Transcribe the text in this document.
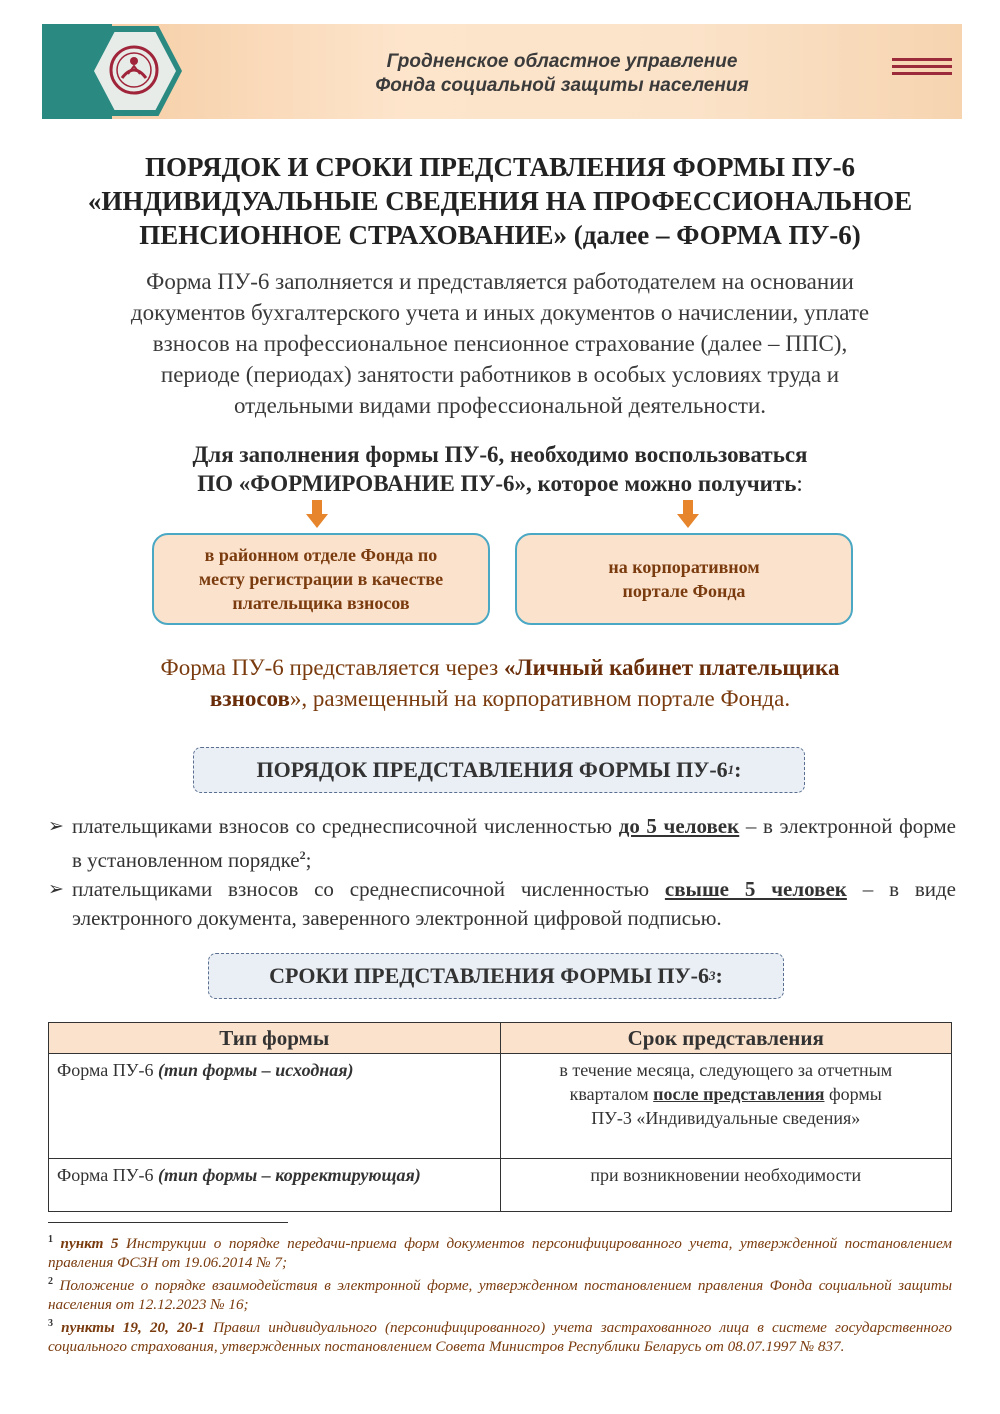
Гродненское областное управление
Фонда социальной защиты населения
ПОРЯДОК И СРОКИ ПРЕДСТАВЛЕНИЯ ФОРМЫ ПУ-6
«ИНДИВИДУАЛЬНЫЕ СВЕДЕНИЯ НА ПРОФЕССИОНАЛЬНОЕ
ПЕНСИОННОЕ СТРАХОВАНИЕ» (далее – ФОРМА ПУ-6)
Форма ПУ-6 заполняется и представляется работодателем на основании
документов бухгалтерского учета и иных документов о начислении, уплате
взносов на профессиональное пенсионное страхование (далее – ППС),
периоде (периодах) занятости работников в особых условиях труда и
отдельными видами профессиональной деятельности.
Для заполнения формы ПУ-6, необходимо воспользоваться
ПО «ФОРМИРОВАНИЕ ПУ-6», которое можно получить:
в районном отделе Фонда по
месту регистрации в качестве
плательщика взносов
на корпоративном
портале Фонда
Форма ПУ-6 представляется через «Личный кабинет плательщика
взносов», размещенный на корпоративном портале Фонда.
ПОРЯДОК ПРЕДСТАВЛЕНИЯ ФОРМЫ ПУ-6 1 :
➢ плательщиками взносов со среднесписочной численностью до 5 человек – в электронной форме в установленном порядке$^2$;
➢ плательщиками взносов со среднесписочной численностью свыше 5 человек – в виде электронного документа, заверенного электронной цифровой подписью.
СРОКИ ПРЕДСТАВЛЕНИЯ ФОРМЫ ПУ-6 3 :
Тип формы	Срок представления
Форма ПУ-6 (тип формы – исходная)	в течение месяца, следующего за отчетным
кварталом после представления формы
ПУ-3 «Индивидуальные сведения»

Форма ПУ-6 (тип формы – корректирующая)	при возникновении необходимости

$^1$ пункт 5 Инструкции о порядке передачи-приема форм документов персонифицированного учета, утвержденной постановлением правления ФСЗН от 19.06.2014 № 7;

$^2$ Положение о порядке взаимодействия в электронной форме, утвержденном постановлением правления Фонда социальной защиты населения от 12.12.2023 № 16;

$^3$ пункты 19, 20, 20-1 Правил индивидуального (персонифицированного) учета застрахованного лица в системе государственного социального страхования, утвержденных постановлением Совета Министров Республики Беларусь от 08.07.1997 № 837.
